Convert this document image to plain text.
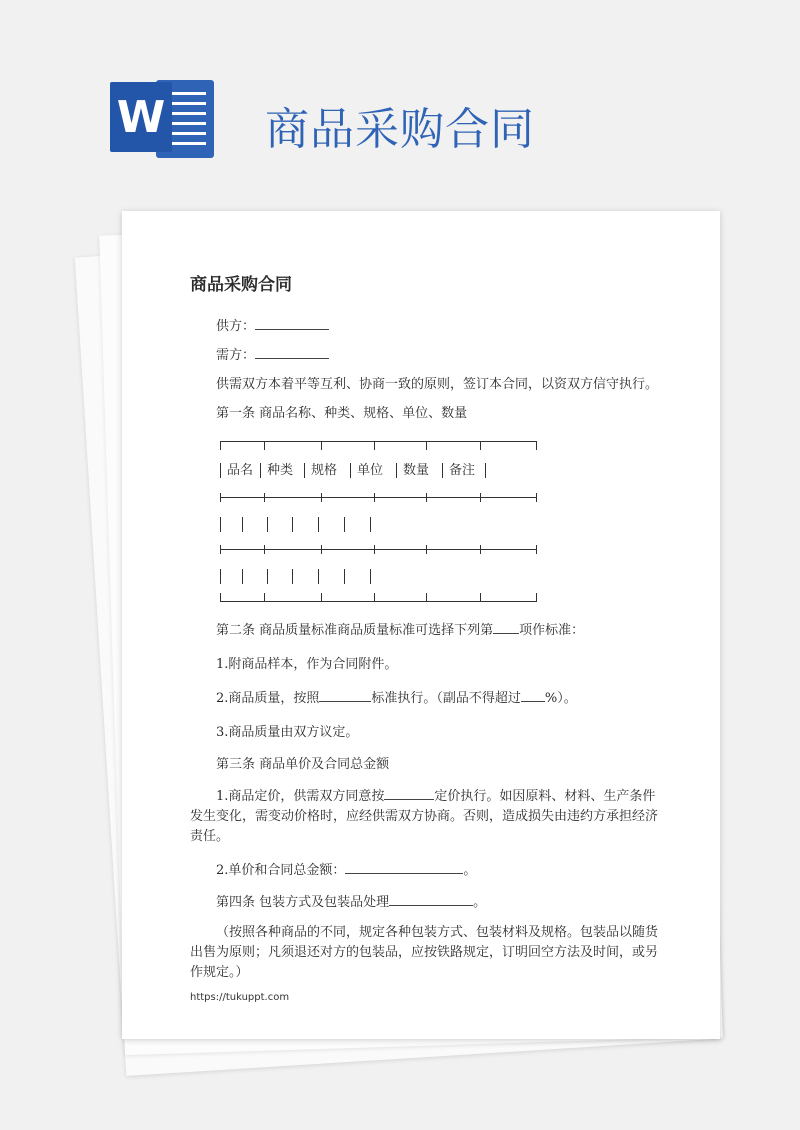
W 商品采购合同
商品采购合同
供方：
需方：
供需双方本着平等互利、协商一致的原则，签订本合同，以资双方信守执行。
第一条 商品名称、种类、规格、单位、数量
品名 种类 规格 单位 数量 备注
第二条 商品质量标准商品质量标准可选择下列第 项作标准：
1.附商品样本，作为合同附件。
2.商品质量，按照	标准执行。（副品不得超过 %）。
3.商品质量由双方议定。
第三条 商品单价及合同总金额
1.商品定价，供需双方同意按	定价执行。如因原料、材料、生产条件发生变化，需变动价格时，应经供需双方协商。否则，造成损失由违约方承担经济责任。
2.单价和合同总金额：	。
第四条 包装方式及包装品处理	。
（按照各种商品的不同，规定各种包装方式、包装材料及规格。包装品以随货出售为原则；凡须退还对方的包装品，应按铁路规定，订明回空方法及时间，或另作规定。）
https://tukuppt.com
